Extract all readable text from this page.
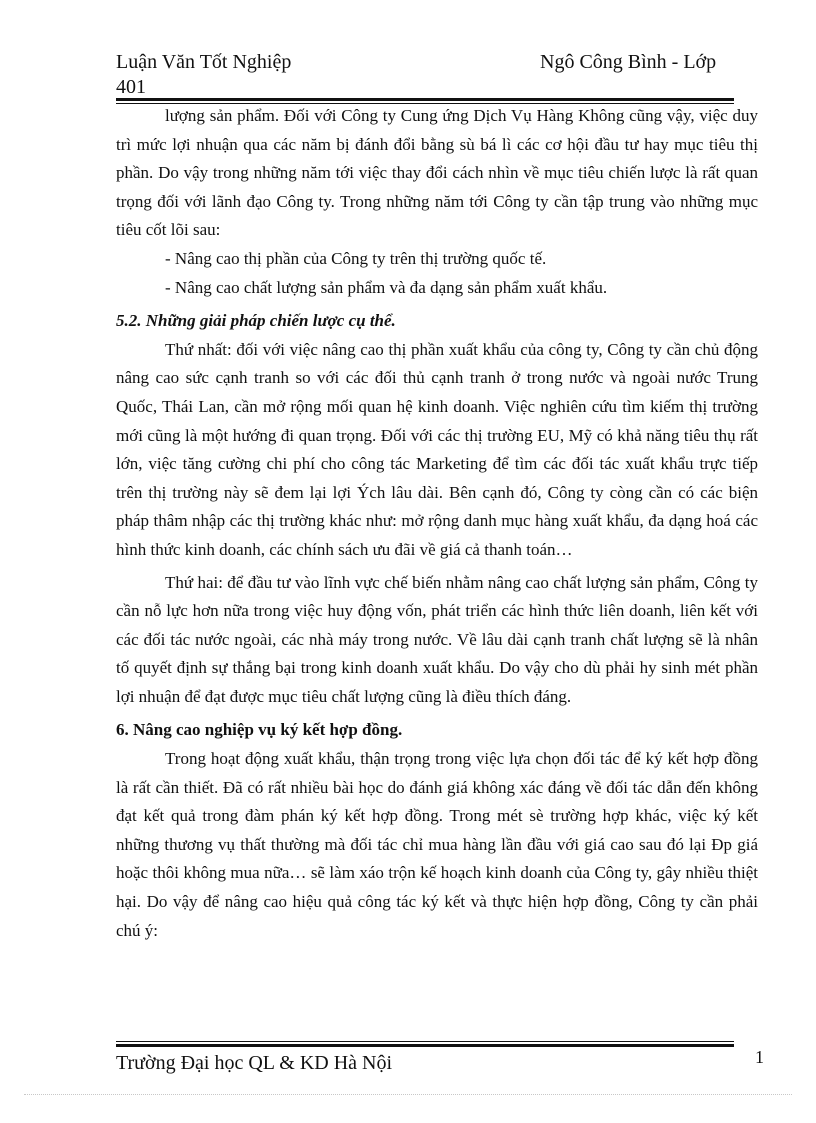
Luận Văn Tốt Nghiệp	Ngô Công Bình - Lớp
401

lượng sản phẩm. Đối với Công ty Cung ứng Dịch Vụ Hàng Không cũng vậy, việc duy trì mức lợi nhuận qua các năm bị đánh đổi bằng sù bá lì các cơ hội đầu tư hay mục tiêu thị phần. Do vậy trong những năm tới việc thay đổi cách nhìn về mục tiêu chiến lược là rất quan trọng đối với lãnh đạo Công ty. Trong những năm tới Công ty cần tập trung vào những mục tiêu cốt lõi sau:

- Nâng cao thị phần của Công ty trên thị trường quốc tế.

- Nâng cao chất lượng sản phẩm và đa dạng sản phẩm xuất khẩu.

5.2. Những giải pháp chiến lược cụ thể.

Thứ nhất: đối với việc nâng cao thị phần xuất khẩu của công ty, Công ty cần chủ động nâng cao sức cạnh tranh so với các đối thủ cạnh tranh ở trong nước và ngoài nước Trung Quốc, Thái Lan, cần mở rộng mối quan hệ kinh doanh. Việc nghiên cứu tìm kiếm thị trường mới cũng là một hướng đi quan trọng. Đối với các thị trường EU, Mỹ có khả năng tiêu thụ rất lớn, việc tăng cường chi phí cho công tác Marketing để tìm các đối tác xuất khẩu trực tiếp trên thị trường này sẽ đem lại lợi Ých lâu dài. Bên cạnh đó, Công ty còng cần có các biện pháp thâm nhập các thị trường khác như: mở rộng danh mục hàng xuất khẩu, đa dạng hoá các hình thức kinh doanh, các chính sách ưu đãi về giá cả thanh toán…

Thứ hai: để đầu tư vào lĩnh vực chế biến nhằm nâng cao chất lượng sản phẩm, Công ty cần nỗ lực hơn nữa trong việc huy động vốn, phát triển các hình thức liên doanh, liên kết với các đối tác nước ngoài, các nhà máy trong nước. Về lâu dài cạnh tranh chất lượng sẽ là nhân tố quyết định sự thắng bại trong kinh doanh xuất khẩu. Do vậy cho dù phải hy sinh mét phần lợi nhuận để đạt được mục tiêu chất lượng cũng là điều thích đáng.

6. Nâng cao nghiệp vụ ký kết hợp đồng.

Trong hoạt động xuất khẩu, thận trọng trong việc lựa chọn đối tác để ký kết hợp đồng là rất cần thiết. Đã có rất nhiều bài học do đánh giá không xác đáng về đối tác dẫn đến không đạt kết quả trong đàm phán ký kết hợp đồng. Trong mét sè trường hợp khác, việc ký kết những thương vụ thất thường mà đối tác chỉ mua hàng lần đầu với giá cao sau đó lại Ðp giá hoặc thôi không mua nữa… sẽ làm xáo trộn kế hoạch kinh doanh của Công ty, gây nhiều thiệt hại. Do vậy để nâng cao hiệu quả công tác ký kết và thực hiện hợp đồng, Công ty cần phải chú ý:

Trường Đại học QL & KD Hà Nội	1
